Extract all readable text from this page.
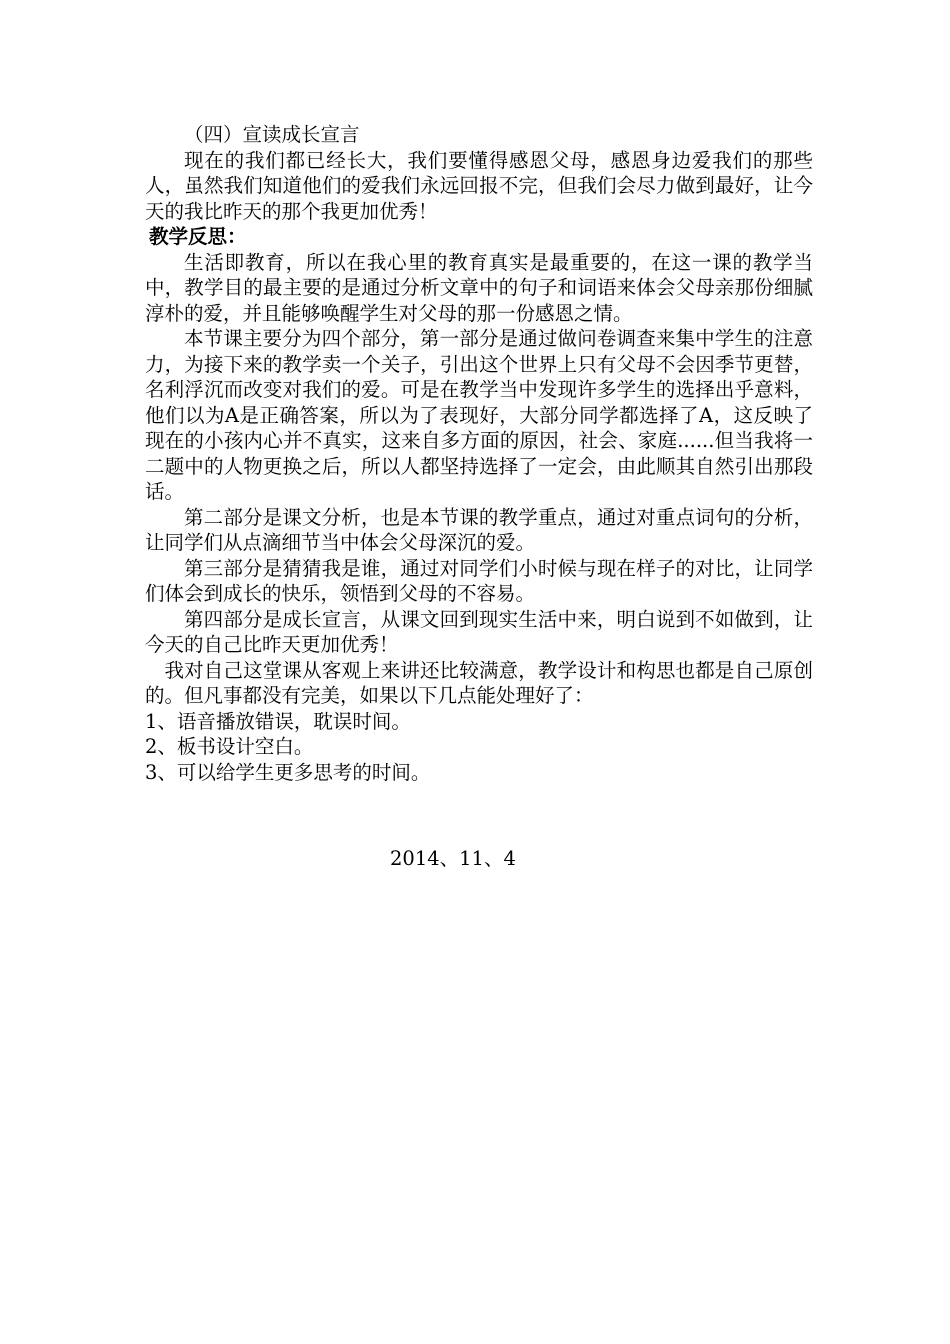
（四）宣读成长宣言

现在的我们都已经长大，我们要懂得感恩父母，感恩身边爱我们的那些人，虽然我们知道他们的爱我们永远回报不完，但我们会尽力做到最好，让今天的我比昨天的那个我更加优秀！

教学反思：

生活即教育，所以在我心里的教育真实是最重要的，在这一课的教学当中，教学目的最主要的是通过分析文章中的句子和词语来体会父母亲那份细腻淳朴的爱，并且能够唤醒学生对父母的那一份感恩之情。

本节课主要分为四个部分，第一部分是通过做问卷调查来集中学生的注意力，为接下来的教学卖一个关子，引出这个世界上只有父母不会因季节更替，名利浮沉而改变对我们的爱。可是在教学当中发现许多学生的选择出乎意料，他们以为A是正确答案，所以为了表现好，大部分同学都选择了A，这反映了现在的小孩内心并不真实，这来自多方面的原因，社会、家庭......但当我将一二题中的人物更换之后，所以人都坚持选择了一定会，由此顺其自然引出那段话。

第二部分是课文分析，也是本节课的教学重点，通过对重点词句的分析，让同学们从点滴细节当中体会父母深沉的爱。

第三部分是猜猜我是谁，通过对同学们小时候与现在样子的对比，让同学们体会到成长的快乐，领悟到父母的不容易。

第四部分是成长宣言，从课文回到现实生活中来，明白说到不如做到，让今天的自己比昨天更加优秀！

我对自己这堂课从客观上来讲还比较满意，教学设计和构思也都是自己原创的。但凡事都没有完美，如果以下几点能处理好了：

1、语音播放错误，耽误时间。

2、板书设计空白。

3、可以给学生更多思考的时间。

2014、11、4
